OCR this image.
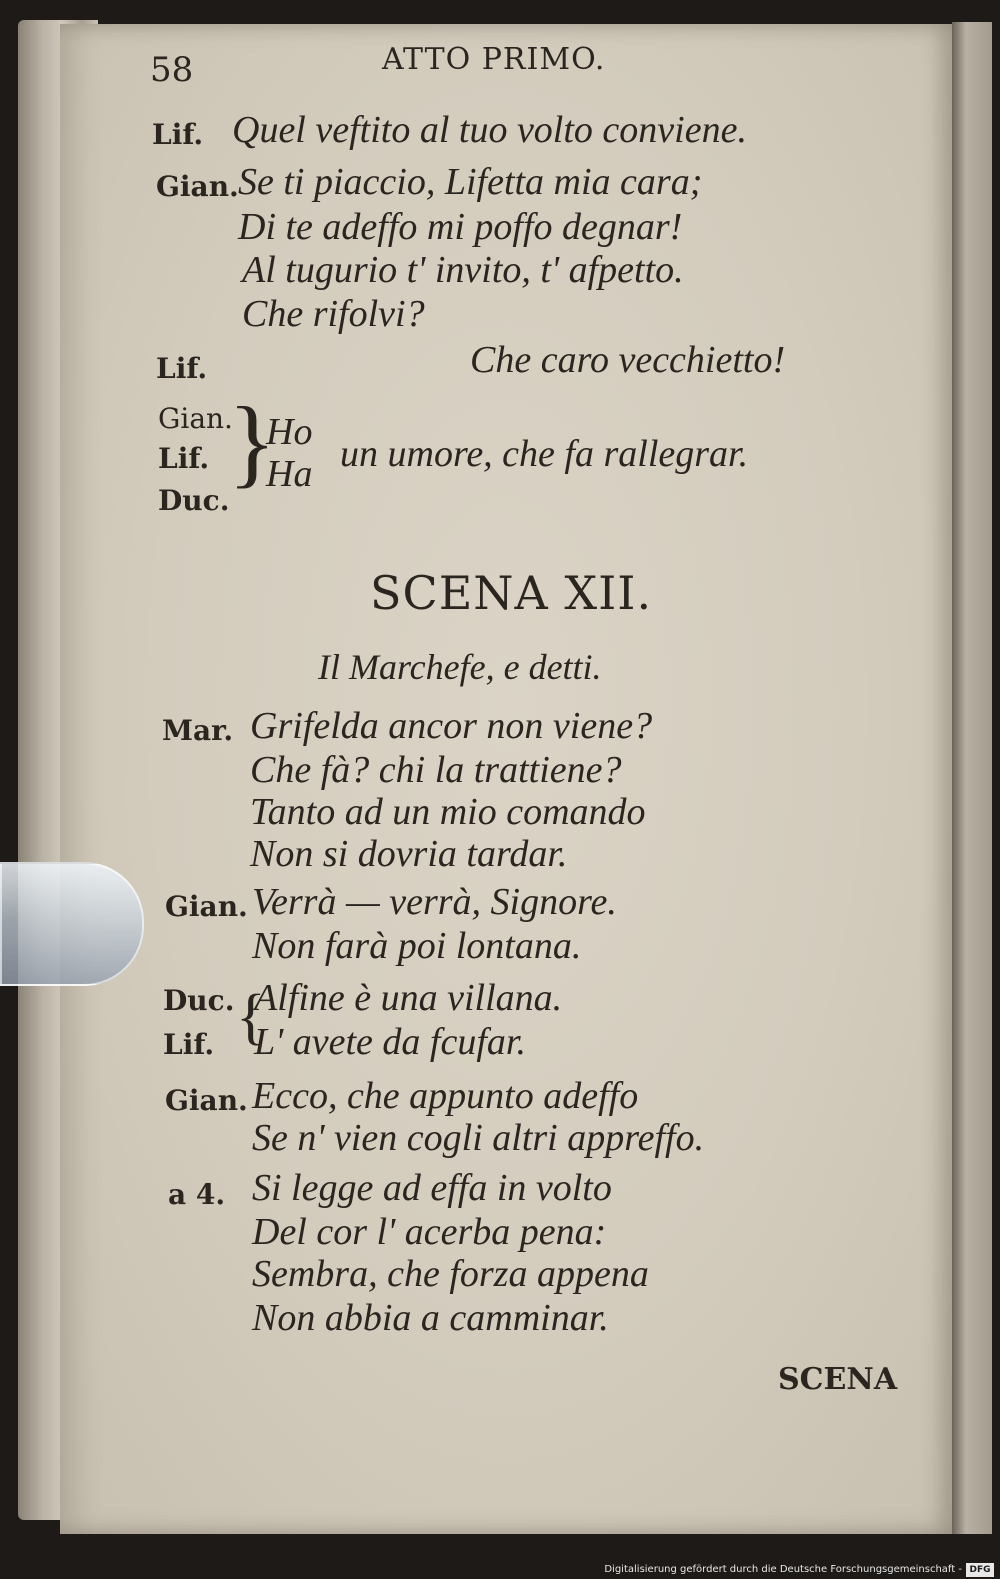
58	ATTO PRIMO.
Lif. Quel veftito al tuo volto conviene.
Gian. Se ti piaccio, Lifetta mia cara;
Di te adeffo mi poffo degnar!
Al tugurio t' invito, t' afpetto.
Che rifolvi?
Lif.	Che caro vecchietto!
Gian.
Lif.
Duc.
}
Ho
Ha un umore, che fa rallegrar.
SCENA XII.
Il Marchefe, e detti.
Mar. Grifelda ancor non viene?
Che fà? chi la trattiene?
Tanto ad un mio comando
Non si dovria tardar.
Gian. Verrà — verrà, Signore.
Non farà poi lontana.
Duc.
Lif. {
Alfine è una villana.
L' avete da fcufar.
Gian. Ecco, che appunto adeffo
Se n' vien cogli altri appreffo.
a 4. Si legge ad effa in volto
Del cor l' acerba pena:
Sembra, che forza appena
Non abbia a camminar.
SCENA
Digitalisierung gefördert durch die Deutsche Forschungsgemeinschaft - DFG
